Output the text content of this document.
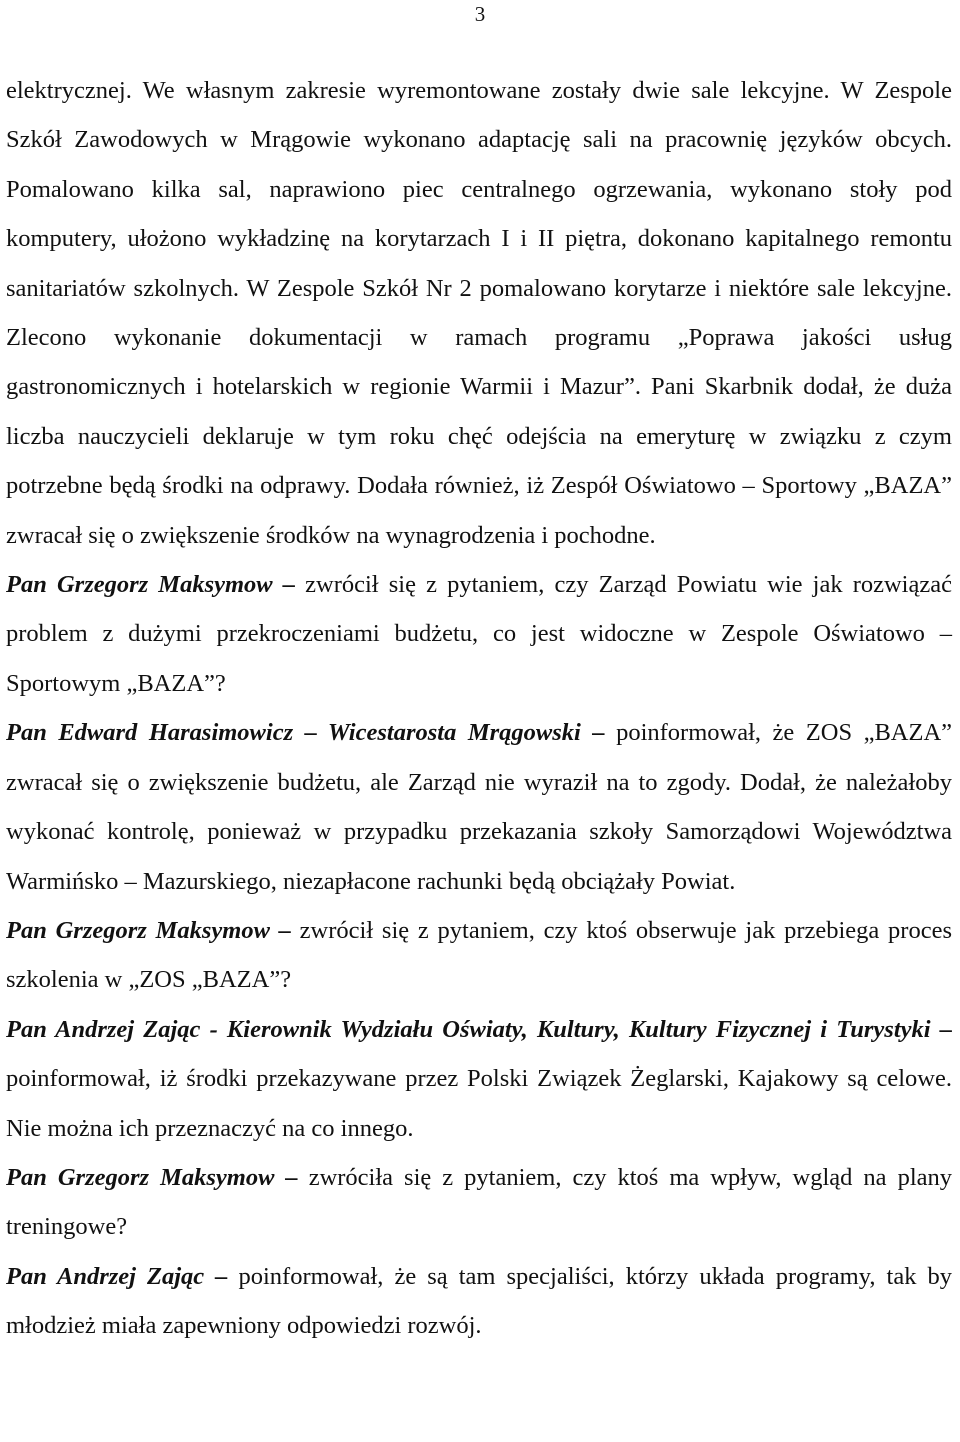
3

elektrycznej. We własnym zakresie wyremontowane zostały dwie sale lekcyjne. W Zespole Szkół Zawodowych w Mrągowie wykonano adaptację sali na pracownię języków obcych. Pomalowano kilka sal, naprawiono piec centralnego ogrzewania, wykonano stoły pod komputery, ułożono wykładzinę na korytarzach I i II piętra, dokonano kapitalnego remontu sanitariatów szkolnych. W Zespole Szkół Nr 2 pomalowano korytarze i niektóre sale lekcyjne. Zlecono wykonanie dokumentacji w ramach programu „Poprawa jakości usług gastronomicznych i hotelarskich w regionie Warmii i Mazur”. Pani Skarbnik dodał, że duża liczba nauczycieli deklaruje w tym roku chęć odejścia na emeryturę w związku z czym potrzebne będą środki na odprawy. Dodała również, iż Zespół Oświatowo – Sportowy „BAZA” zwracał się o zwiększenie środków na wynagrodzenia i pochodne.

Pan Grzegorz Maksymow – zwrócił się z pytaniem, czy Zarząd Powiatu wie jak rozwiązać problem z dużymi przekroczeniami budżetu, co jest widoczne w Zespole Oświatowo – Sportowym „BAZA”?

Pan Edward Harasimowicz – Wicestarosta Mrągowski – poinformował, że ZOS „BAZA” zwracał się o zwiększenie budżetu, ale Zarząd nie wyraził na to zgody. Dodał, że należałoby wykonać kontrolę, ponieważ w przypadku przekazania szkoły Samorządowi Województwa Warmińsko – Mazurskiego, niezapłacone rachunki będą obciążały Powiat.

Pan Grzegorz Maksymow – zwrócił się z pytaniem, czy ktoś obserwuje jak przebiega proces szkolenia w „ZOS „BAZA”?

Pan Andrzej Zając - Kierownik Wydziału Oświaty, Kultury, Kultury Fizycznej i Turystyki – poinformował, iż środki przekazywane przez Polski Związek Żeglarski, Kajakowy są celowe. Nie można ich przeznaczyć na co innego.

Pan Grzegorz Maksymow – zwróciła się z pytaniem, czy ktoś ma wpływ, wgląd na plany treningowe?

Pan Andrzej Zając – poinformował, że są tam specjaliści, którzy układa programy, tak by młodzież miała zapewniony odpowiedzi rozwój.
